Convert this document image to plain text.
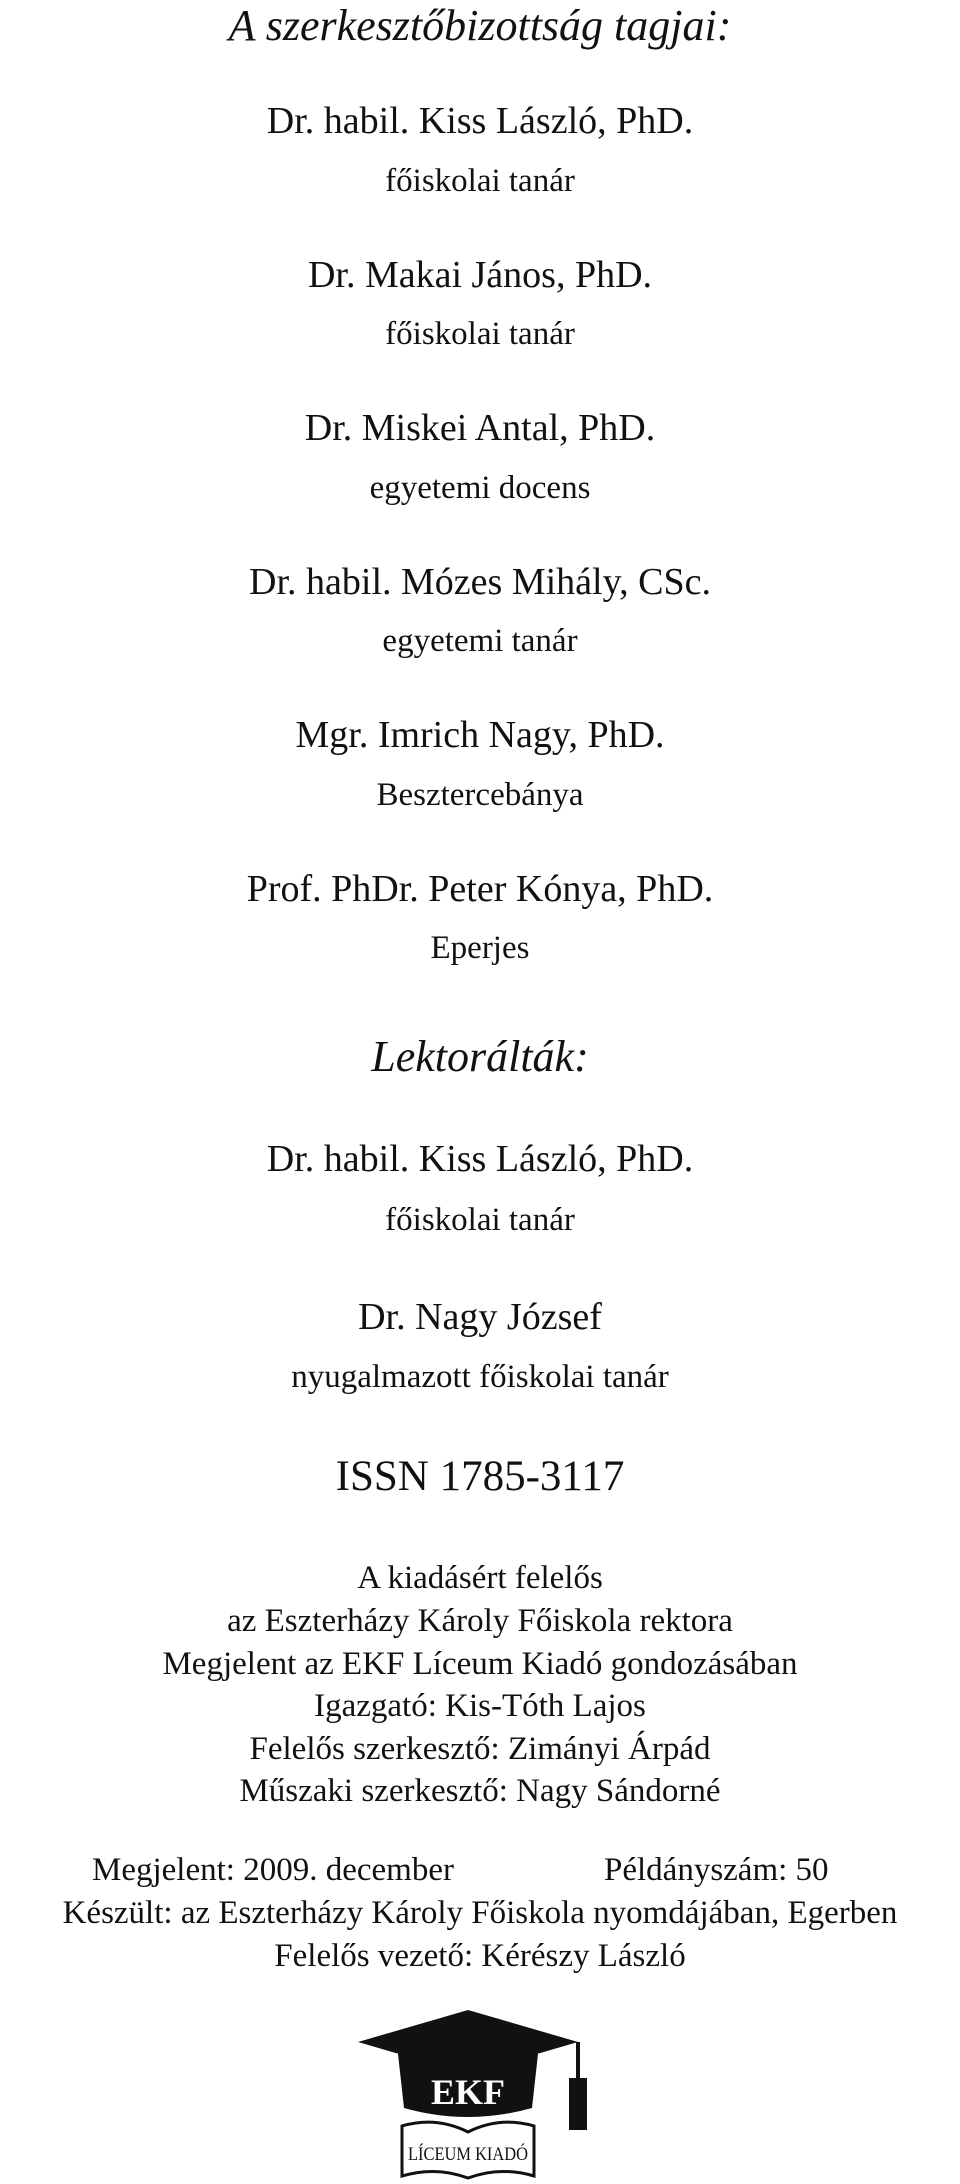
A szerkesztőbizottság tagjai:
Dr. habil. Kiss László, PhD.
főiskolai tanár
Dr. Makai János, PhD.
főiskolai tanár
Dr. Miskei Antal, PhD.
egyetemi docens
Dr. habil. Mózes Mihály, CSc.
egyetemi tanár
Mgr. Imrich Nagy, PhD.
Besztercebánya
Prof. PhDr. Peter Kónya, PhD.
Eperjes
Lektorálták:
Dr. habil. Kiss László, PhD.
főiskolai tanár
Dr. Nagy József
nyugalmazott főiskolai tanár
ISSN 1785-3117
A kiadásért felelős
az Eszterházy Károly Főiskola rektora
Megjelent az EKF Líceum Kiadó gondozásában
Igazgató: Kis-Tóth Lajos
Felelős szerkesztő: Zimányi Árpád
Műszaki szerkesztő: Nagy Sándorné
Megjelent: 2009. december	Példányszám: 50
Készült: az Eszterházy Károly Főiskola nyomdájában, Egerben
Felelős vezető: Kérészy László
EKF
LÍCEUM KIADÓ
